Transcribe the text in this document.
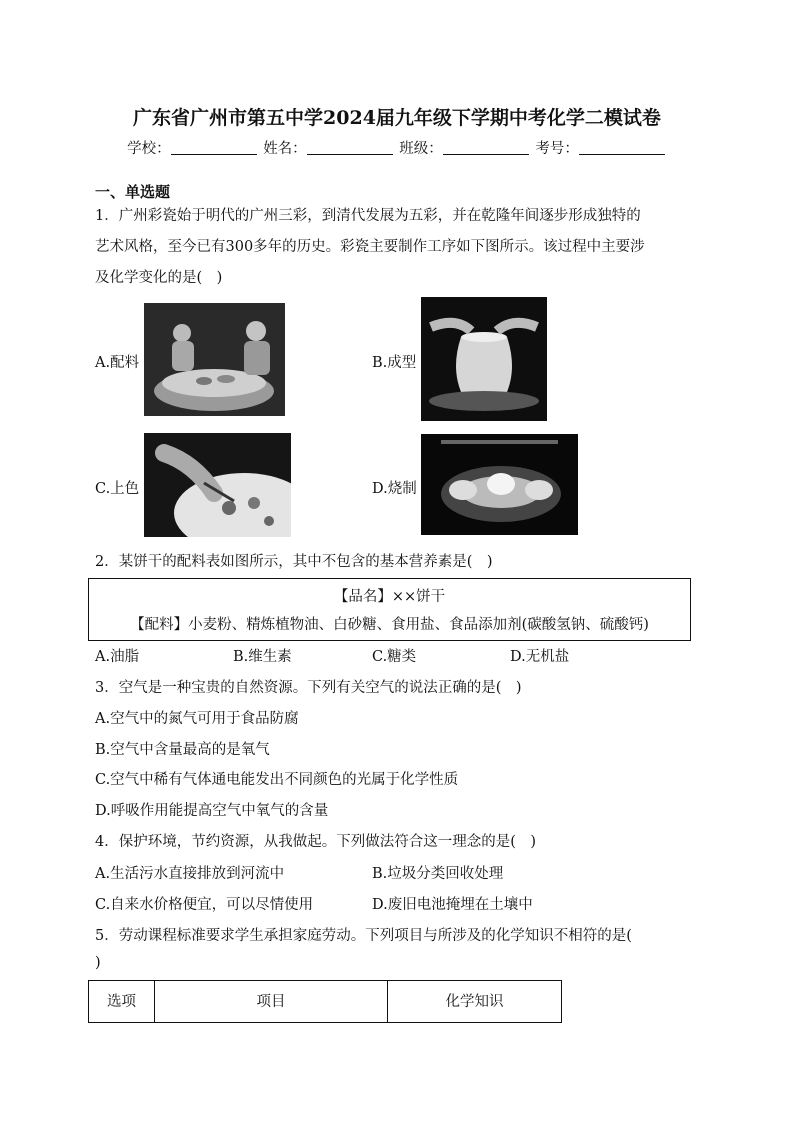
广东省广州市第五中学2024届九年级下学期中考化学二模试卷
学校：	姓名：	班级：	考号：
一、单选题
1．广州彩瓷始于明代的广州三彩，到清代发展为五彩，并在乾隆年间逐步形成独特的
艺术风格，至今已有300多年的历史。彩瓷主要制作工序如下图所示。该过程中主要涉
及化学变化的是(　)
A.配料	B.成型
C.上色	D.烧制
2．某饼干的配料表如图所示，其中不包含的基本营养素是(　)
【品名】××饼干
【配料】小麦粉、精炼植物油、白砂糖、食用盐、食品添加剂(碳酸氢钠、硫酸钙)
A.油脂	B.维生素	C.糖类	D.无机盐
3．空气是一种宝贵的自然资源。下列有关空气的说法正确的是(　)
A.空气中的氮气可用于食品防腐
B.空气中含量最高的是氧气
C.空气中稀有气体通电能发出不同颜色的光属于化学性质
D.呼吸作用能提高空气中氧气的含量
4．保护环境，节约资源，从我做起。下列做法符合这一理念的是(　)
A.生活污水直接排放到河流中	B.垃圾分类回收处理
C.自来水价格便宜，可以尽情使用	D.废旧电池掩埋在土壤中
5．劳动课程标准要求学生承担家庭劳动。下列项目与所涉及的化学知识不相符的是(
)
选项	项目	化学知识
